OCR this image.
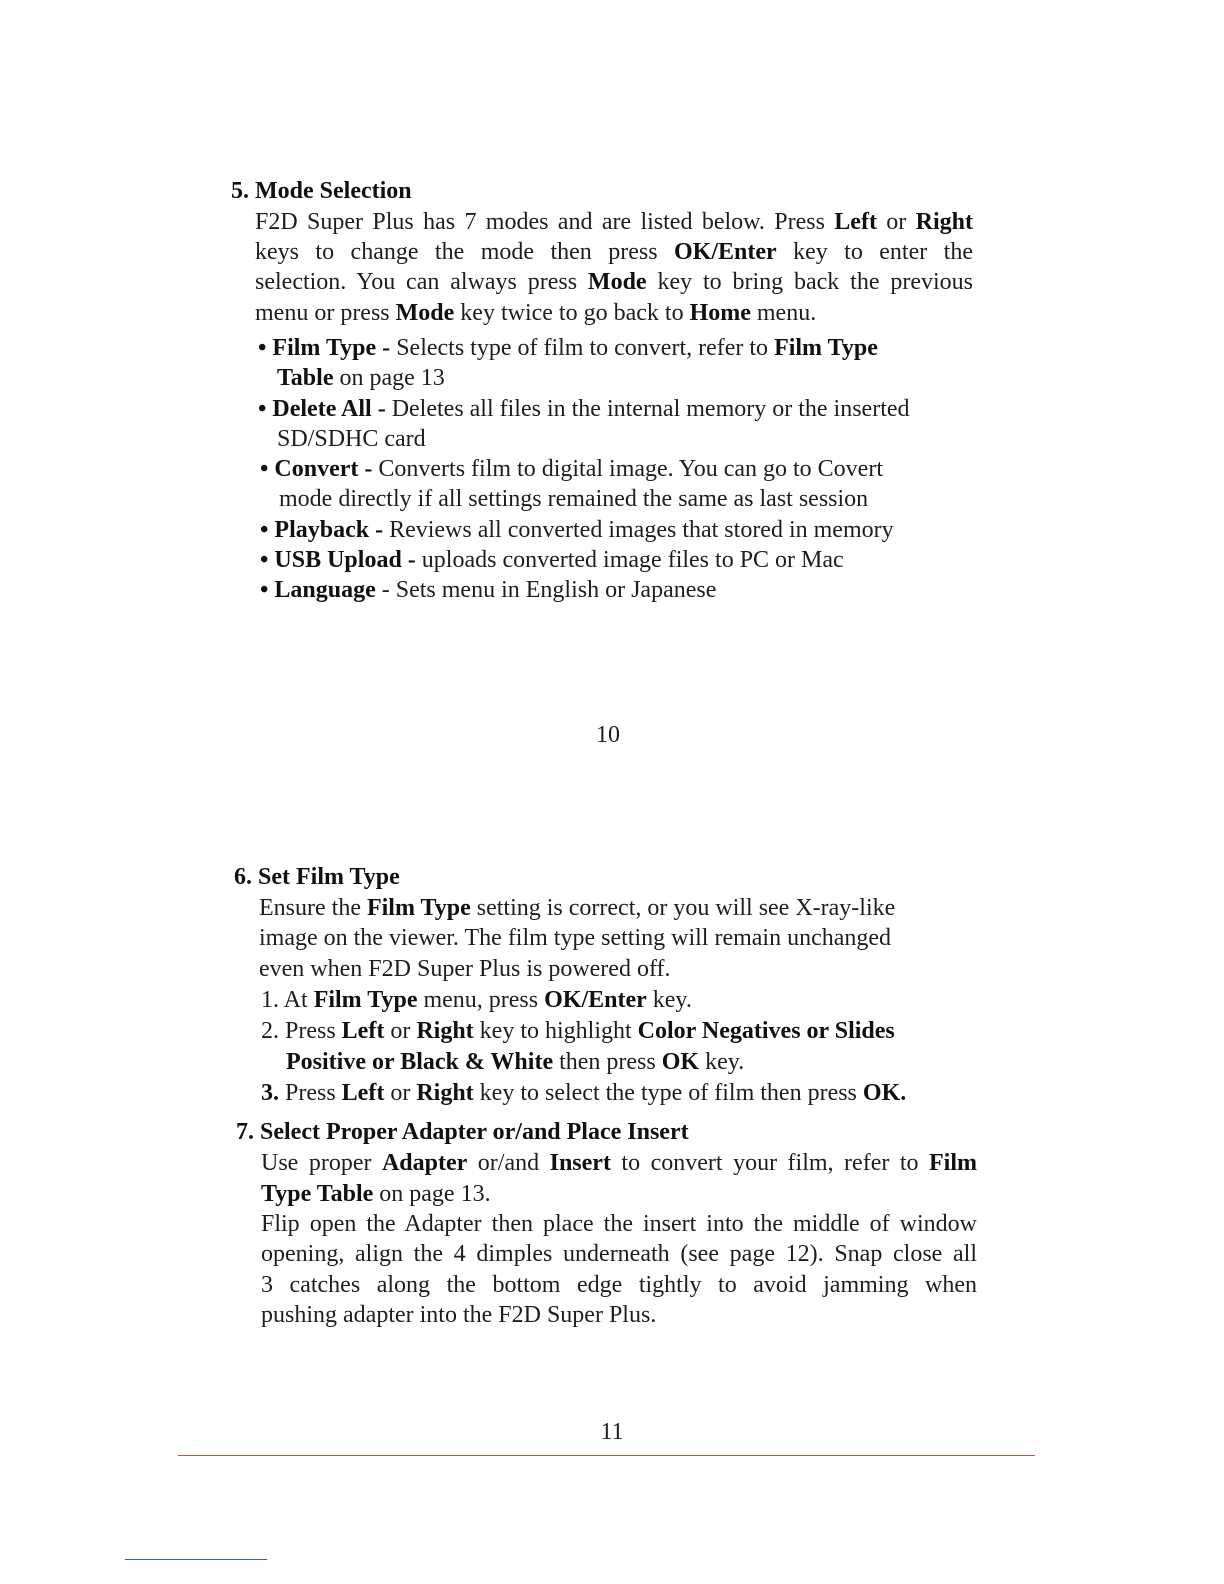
5. Mode Selection
F2D Super Plus has 7 modes and are listed below. Press Left or Right
keys to change the mode then press OK/Enter key to enter the
selection. You can always press Mode key to bring back the previous
menu or press Mode key twice to go back to Home menu.
• Film Type - Selects type of film to convert, refer to Film Type
Table on page 13
• Delete All - Deletes all files in the internal memory or the inserted
SD/SDHC card
• Convert - Converts film to digital image. You can go to Covert
mode directly if all settings remained the same as last session
• Playback - Reviews all converted images that stored in memory
• USB Upload - uploads converted image files to PC or Mac
• Language - Sets menu in English or Japanese
10
6. Set Film Type
Ensure the Film Type setting is correct, or you will see X-ray-like
image on the viewer. The film type setting will remain unchanged
even when F2D Super Plus is powered off.
1. At Film Type menu, press OK/Enter key.
2. Press Left or Right key to highlight Color Negatives or Slides
Positive or Black & White then press OK key.
3. Press Left or Right key to select the type of film then press OK.
7. Select Proper Adapter or/and Place Insert
Use proper Adapter or/and Insert to convert your film, refer to Film
Type Table on page 13.
Flip open the Adapter then place the insert into the middle of window
opening, align the 4 dimples underneath (see page 12). Snap close all
3 catches along the bottom edge tightly to avoid jamming when
pushing adapter into the F2D Super Plus.
11
